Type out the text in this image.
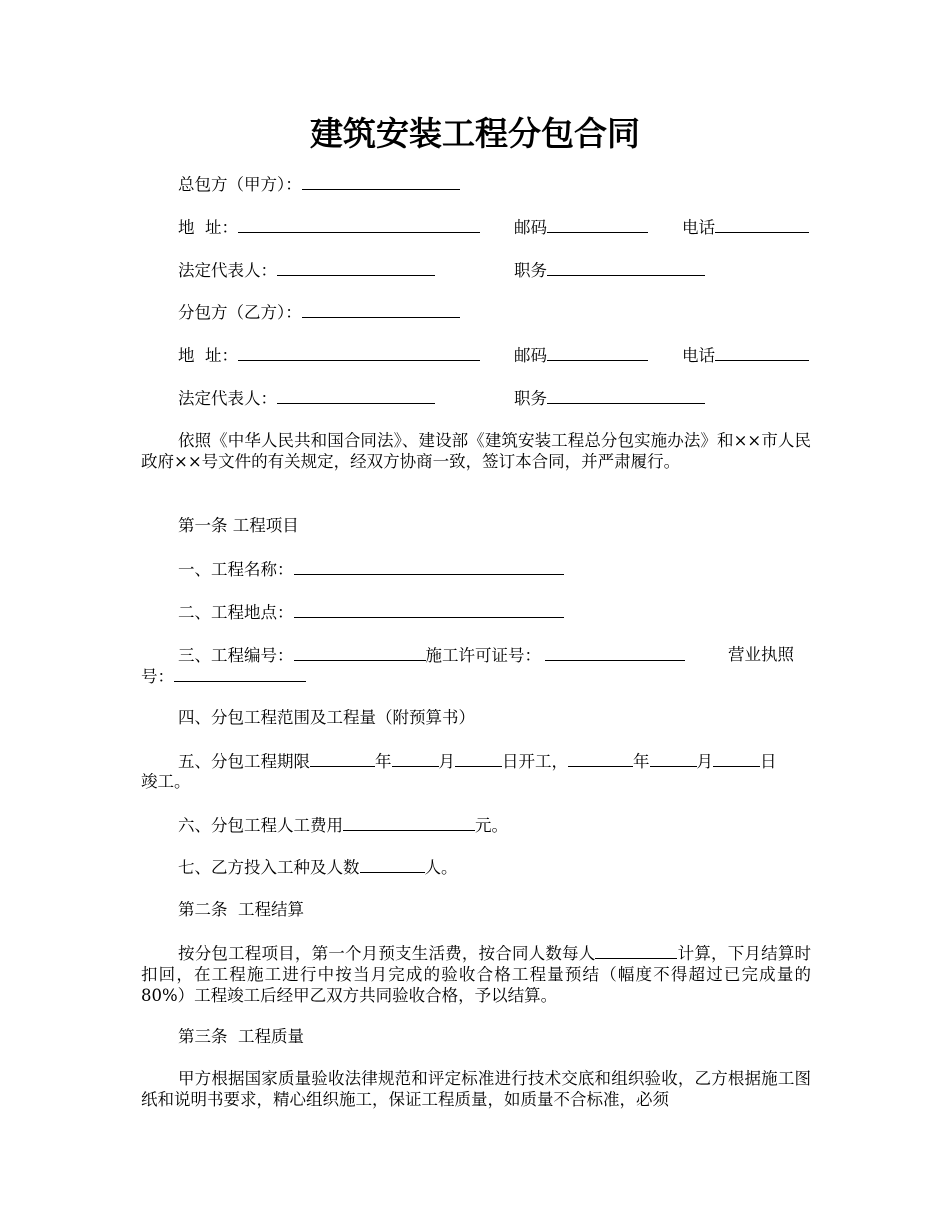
建筑安装工程分包合同
总包方（甲方）：
地  址：	邮码	电话
法定代表人：	职务
分包方（乙方）：
地  址：	邮码	电话
法定代表人：	职务

依照《中华人民共和国合同法》、建设部《建筑安装工程总分包实施办法》和××市人民政府××号文件的有关规定，经双方协商一致，签订本合同，并严肃履行。

第一条 工程项目
一、工程名称：
二、工程地点：
三、工程编号：	施工许可证号：	营业执照
号：
四、分包工程范围及工程量（附预算书）
五、分包工程期限	年	月	日开工，	年	月	日
竣工。
六、分包工程人工费用	元。
七、乙方投入工种及人数	人。
第二条  工程结算

按分包工程项目，第一个月预支生活费，按合同人数每人	计算，下月结算时扣回，在工程施工进行中按当月完成的验收合格工程量预结（幅度不得超过已完成量的80%）工程竣工后经甲乙双方共同验收合格，予以结算。

第三条  工程质量

甲方根据国家质量验收法律规范和评定标准进行技术交底和组织验收，乙方根据施工图纸和说明书要求，精心组织施工，保证工程质量，如质量不合标准，必须
